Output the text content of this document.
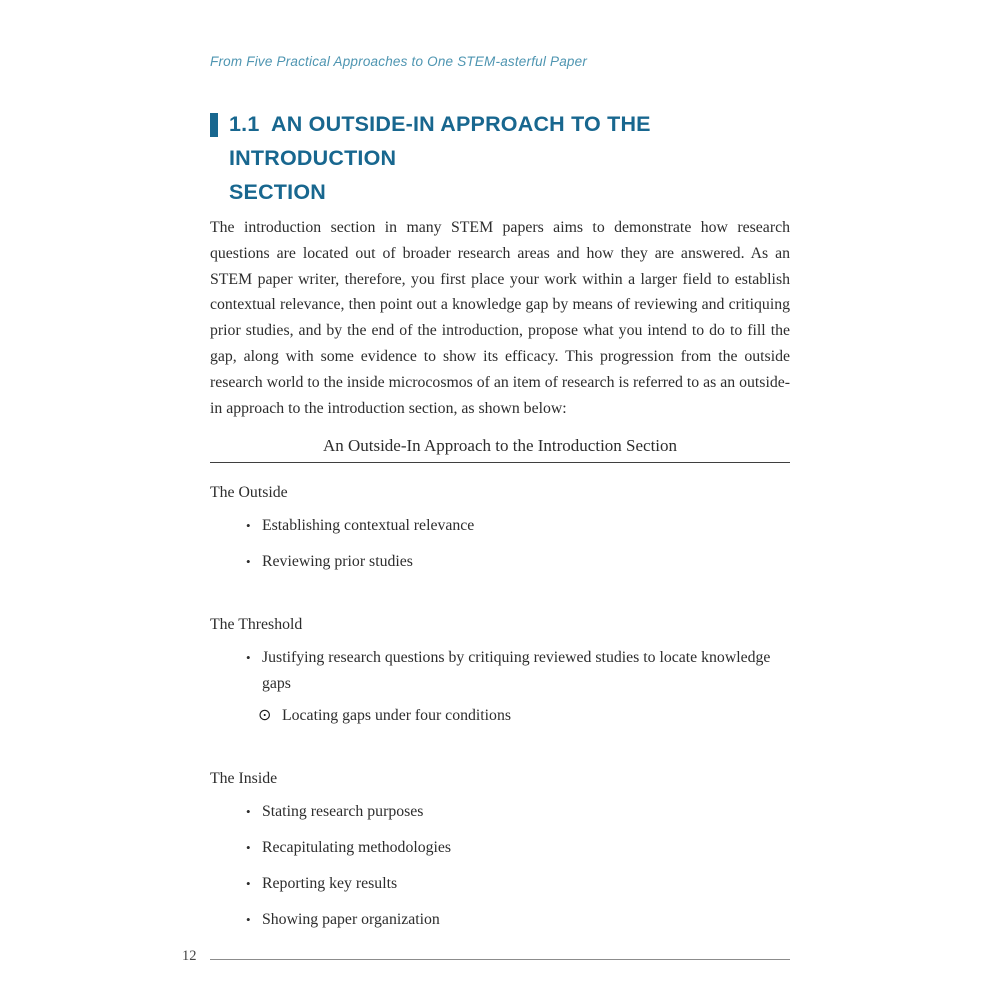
From Five Practical Approaches to One STEM-asterful Paper
1.1  AN OUTSIDE-IN APPROACH TO THE INTRODUCTION
SECTION

The introduction section in many STEM papers aims to demonstrate how research questions are located out of broader research areas and how they are answered. As an STEM paper writer, therefore, you first place your work within a larger field to establish contextual relevance, then point out a knowledge gap by means of reviewing and critiquing prior studies, and by the end of the introduction, propose what you intend to do to fill the gap, along with some evidence to show its efficacy. This progression from the outside research world to the inside microcosmos of an item of research is referred to as an outside-in approach to the introduction section, as shown below:

An Outside-In Approach to the Introduction Section
The Outside
• Establishing contextual relevance
• Reviewing prior studies
The Threshold
• Justifying research questions by critiquing reviewed studies to locate knowledge gaps
⊙ Locating gaps under four conditions
The Inside
• Stating research purposes
• Recapitulating methodologies
• Reporting key results
• Showing paper organization
12
